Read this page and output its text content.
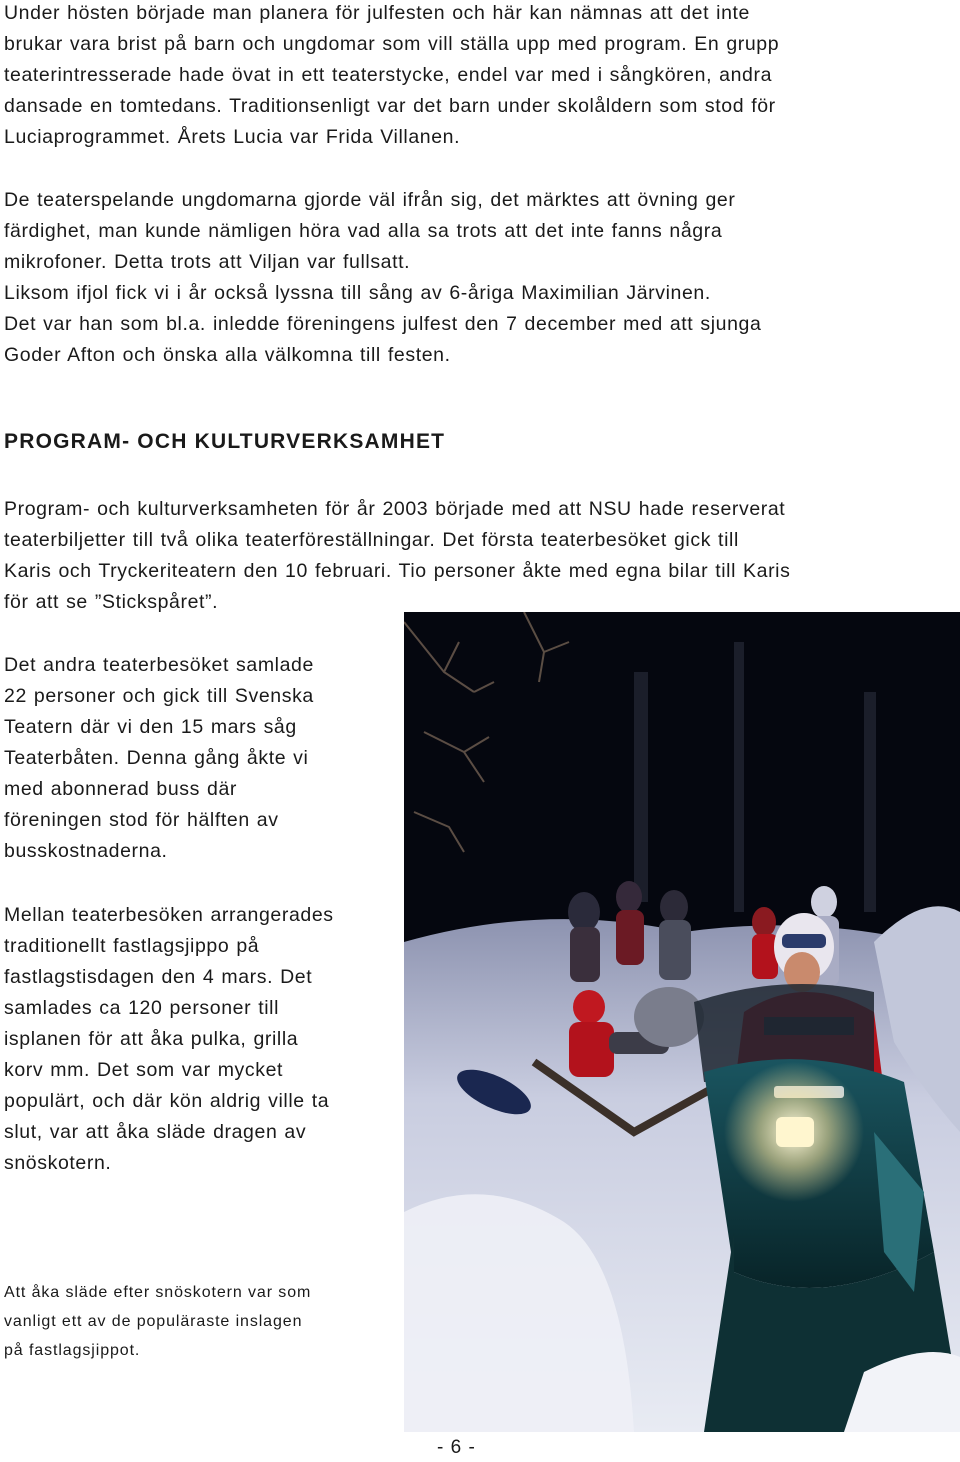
Under hösten började man planera för julfesten och här kan nämnas att det inte
brukar vara brist på barn och ungdomar som vill ställa upp med program. En grupp
teaterintresserade hade övat in ett teaterstycke, endel var med i sångkören, andra
dansade en tomtedans. Traditionsenligt var det barn under skolåldern som stod för
Luciaprogrammet. Årets Lucia var Frida Villanen.
De teaterspelande ungdomarna gjorde väl ifrån sig, det märktes att övning ger
färdighet, man kunde nämligen höra vad alla sa trots att det inte fanns några
mikrofoner. Detta trots att Viljan var fullsatt.
Liksom ifjol fick vi i år också lyssna till sång av 6-åriga Maximilian Järvinen.
Det var han som bl.a. inledde föreningens julfest den 7 december med att sjunga
Goder Afton och önska alla välkomna till festen.
PROGRAM- OCH KULTURVERKSAMHET
Program- och kulturverksamheten för år 2003 började med att NSU hade reserverat
teaterbiljetter till två olika teaterföreställningar. Det första teaterbesöket gick till
Karis och Tryckeriteatern den 10 februari. Tio personer åkte med egna bilar till Karis
för att se ”Stickspåret”.
Det andra teaterbesöket samlade
22 personer och gick till Svenska
Teatern där vi den 15 mars såg
Teaterbåten. Denna gång åkte vi
med abonnerad buss där
föreningen stod för hälften av
busskostnaderna.
Mellan teaterbesöken arrangerades
traditionellt fastlagsjippo på
fastlagstisdagen den 4 mars. Det
samlades ca 120 personer till
isplanen för att åka pulka, grilla
korv mm. Det som var mycket
populärt, och där kön aldrig ville ta
slut, var att åka släde dragen av
snöskotern.
Att åka släde efter snöskotern var som
vanligt ett av de populäraste inslagen
på fastlagsjippot.
- 6 -
